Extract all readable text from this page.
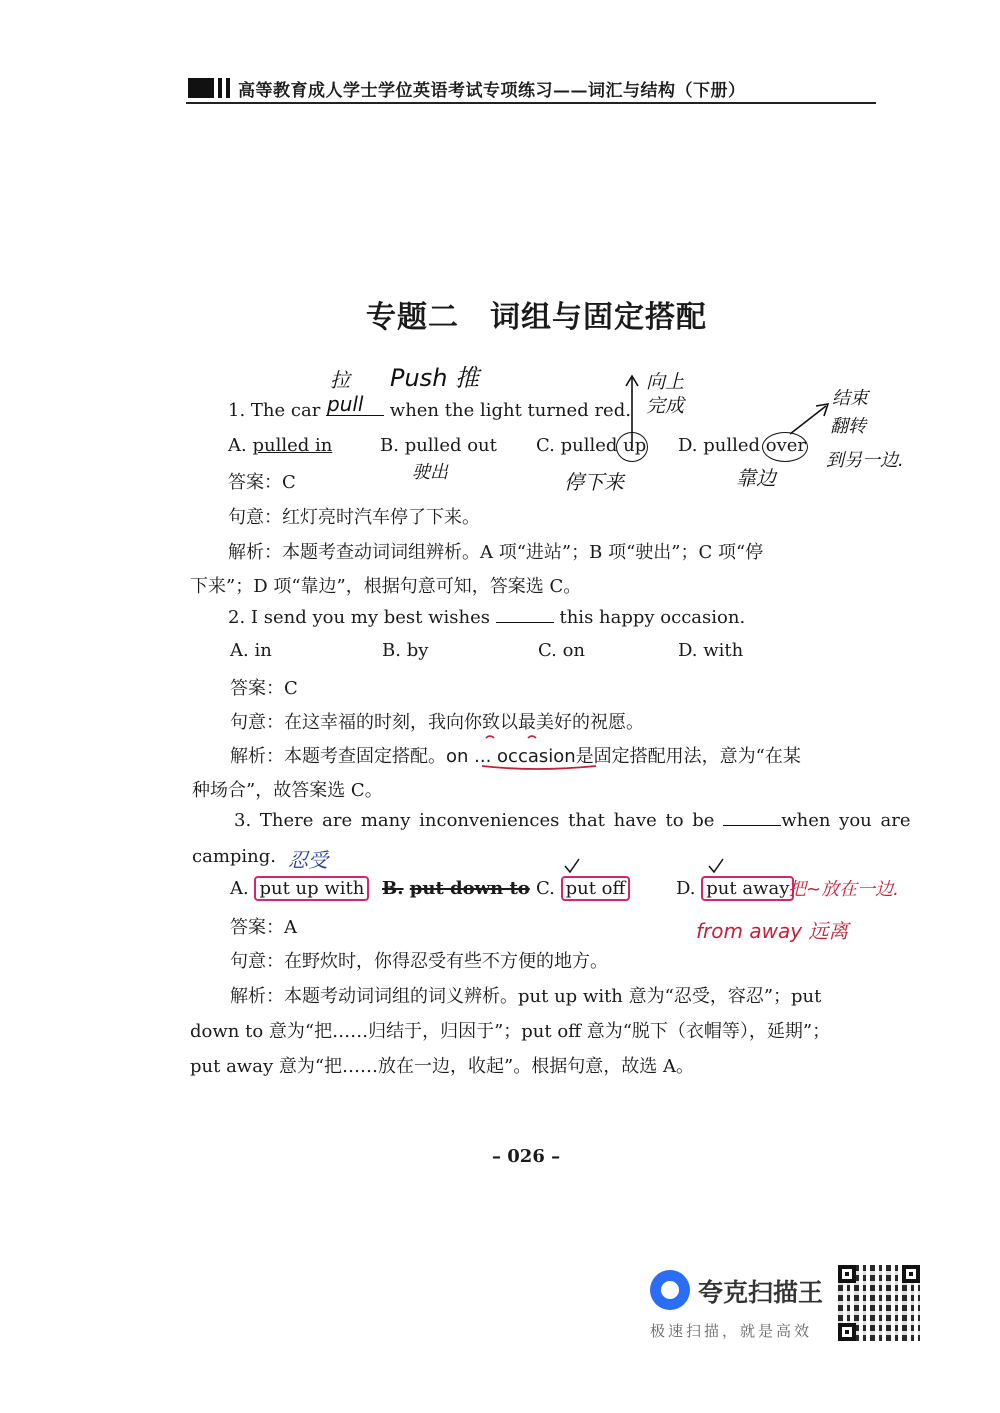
高等教育成人学士学位英语考试专项练习——词汇与结构（下册）
专题二　词组与固定搭配
Push 推
拉
pull
1. The car	when the light turned red.
向上 完成	结束
翻转
到另一边.
A. pulled in	B. pulled out C. pulled up D. pulled over
驶出	停下来	靠边
答案：C
句意：红灯亮时汽车停了下来。
解析：本题考查动词词组辨析。A 项“进站”；B 项“驶出”；C 项“停
下来”；D 项“靠边”，根据句意可知，答案选 C。
2. I send you my best wishes	this happy occasion.
A. in	B. by	C. on	D. with
答案：C
句意：在这幸福的时刻，我向你致以最美好的祝愿。
解析：本题考查固定搭配。on ... occasion是固定搭配用法，意为“在某
种场合”，故答案选 C。
3. There are many inconveniences that have to be	when you are
camping. 忍受
A. put up with B. put down to C. put off	D. put away
把~放在一边.
from away 远离
答案：A
句意：在野炊时，你得忍受有些不方便的地方。
解析：本题考动词词组的词义辨析。put up with 意为“忍受，容忍”；put
down to 意为“把……归结于，归因于”；put off 意为“脱下（衣帽等），延期”；
put away 意为“把……放在一边，收起”。根据句意，故选 A。
– 026 –
夸克扫描王
极速扫描，就是高效
